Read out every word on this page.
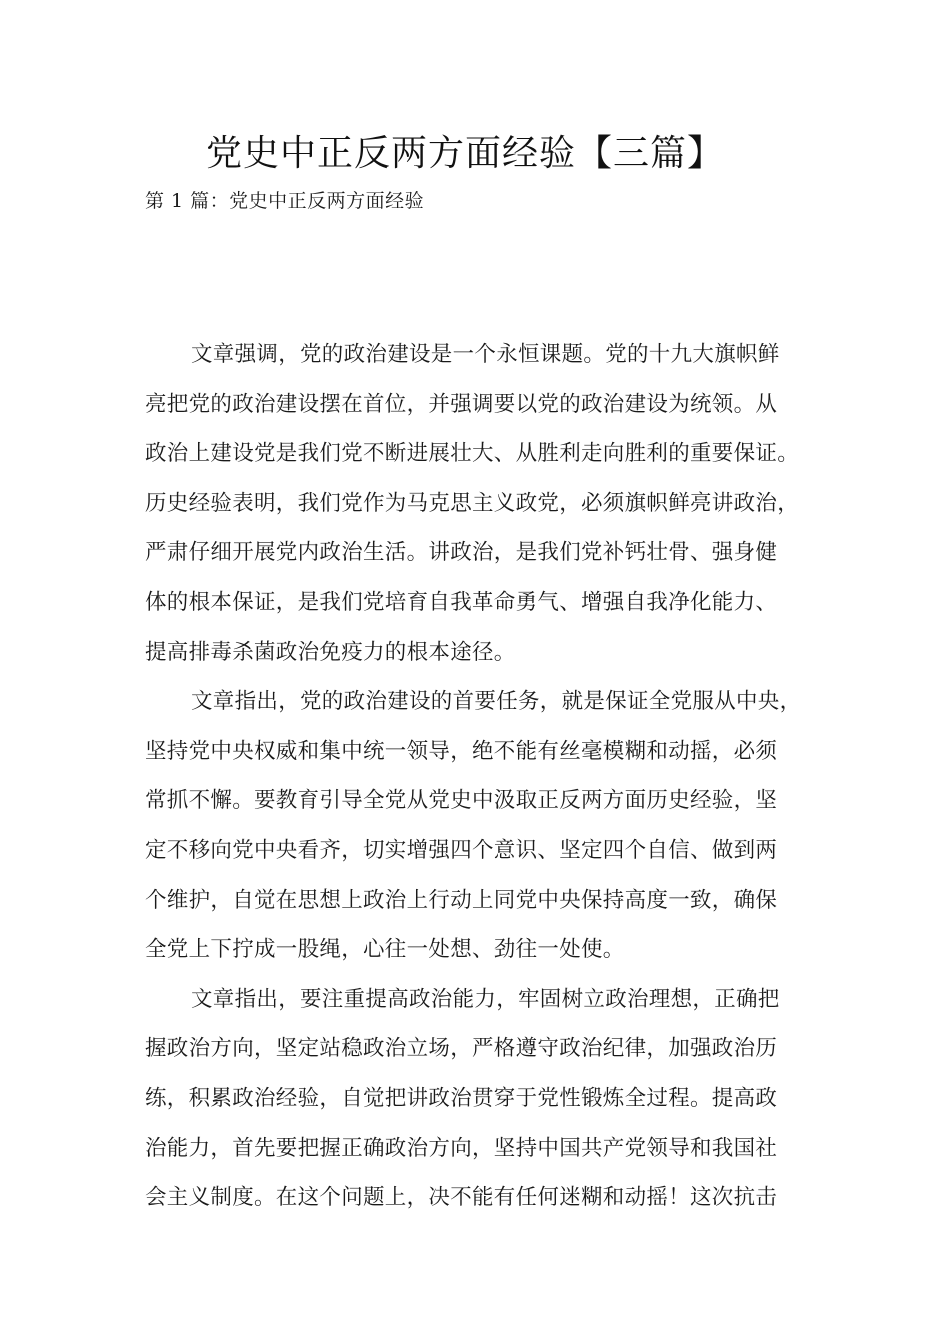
党史中正反两方面经验【三篇】

第 1 篇：党史中正反两方面经验

文章强调，党的政治建设是一个永恒课题。党的十九大旗帜鲜
亮把党的政治建设摆在首位，并强调要以党的政治建设为统领。从
政治上建设党是我们党不断进展壮大、从胜利走向胜利的重要保证。
历史经验表明，我们党作为马克思主义政党，必须旗帜鲜亮讲政治，
严肃仔细开展党内政治生活。讲政治，是我们党补钙壮骨、强身健
体的根本保证，是我们党培育自我革命勇气、增强自我净化能力、
提高排毒杀菌政治免疫力的根本途径。

文章指出，党的政治建设的首要任务，就是保证全党服从中央，
坚持党中央权威和集中统一领导，绝不能有丝毫模糊和动摇，必须
常抓不懈。要教育引导全党从党史中汲取正反两方面历史经验，坚
定不移向党中央看齐，切实增强四个意识、坚定四个自信、做到两
个维护，自觉在思想上政治上行动上同党中央保持高度一致，确保
全党上下拧成一股绳，心往一处想、劲往一处使。

文章指出，要注重提高政治能力，牢固树立政治理想，正确把
握政治方向，坚定站稳政治立场，严格遵守政治纪律，加强政治历
练，积累政治经验，自觉把讲政治贯穿于党性锻炼全过程。提高政
治能力，首先要把握正确政治方向，坚持中国共产党领导和我国社
会主义制度。在这个问题上，决不能有任何迷糊和动摇！这次抗击
